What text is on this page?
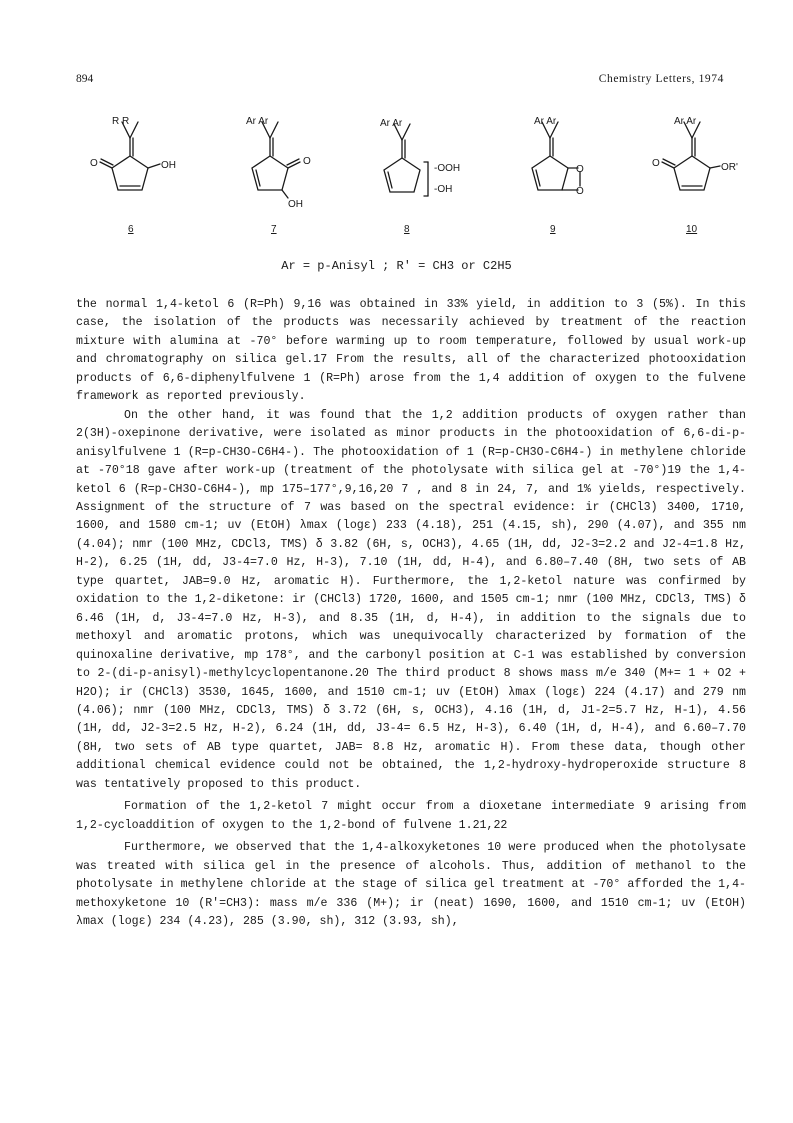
894	Chemistry Letters, 1974
R R
O	OH
6
Ar Ar
O
OH
7
Ar Ar
-OOH
-OH
8
Ar Ar
O
O
9
Ar Ar
O	OR'
10
Ar = p-Anisyl ; R' = CH3 or C2H5

the normal 1,4-ketol 6 (R=Ph) 9,16 was obtained in 33% yield, in addition to 3 (5%). In this case, the isolation of the products was necessarily achieved by treatment of the reaction mixture with alumina at -70° before warming up to room temperature, followed by usual work-up and chromatography on silica gel.17 From the results, all of the characterized photooxidation products of 6,6-diphenylfulvene 1 (R=Ph) arose from the 1,4 addition of oxygen to the fulvene framework as reported previously.

On the other hand, it was found that the 1,2 addition products of oxygen rather than 2(3H)-oxepinone derivative, were isolated as minor products in the photooxidation of 6,6-di-p-anisylfulvene 1 (R=p-CH3O-C6H4-). The photooxidation of 1 (R=p-CH3O-C6H4-) in methylene chloride at -70°18 gave after work-up (treatment of the photolysate with silica gel at -70°)19 the 1,4-ketol 6 (R=p-CH3O-C6H4-), mp 175–177°,9,16,20 7 , and 8 in 24, 7, and 1% yields, respectively. Assignment of the structure of 7 was based on the spectral evidence: ir (CHCl3) 3400, 1710, 1600, and 1580 cm-1; uv (EtOH) λmax (logε) 233 (4.18), 251 (4.15, sh), 290 (4.07), and 355 nm (4.04); nmr (100 MHz, CDCl3, TMS) δ 3.82 (6H, s, OCH3), 4.65 (1H, dd, J2-3=2.2 and J2-4=1.8 Hz, H-2), 6.25 (1H, dd, J3-4=7.0 Hz, H-3), 7.10 (1H, dd, H-4), and 6.80–7.40 (8H, two sets of AB type quartet, JAB=9.0 Hz, aromatic H). Furthermore, the 1,2-ketol nature was confirmed by oxidation to the 1,2-diketone: ir (CHCl3) 1720, 1600, and 1505 cm-1; nmr (100 MHz, CDCl3, TMS) δ 6.46 (1H, d, J3-4=7.0 Hz, H-3), and 8.35 (1H, d, H-4), in addition to the signals due to methoxyl and aromatic protons, which was unequivocally characterized by formation of the quinoxaline derivative, mp 178°, and the carbonyl position at C-1 was established by conversion to 2-(di-p-anisyl)-methylcyclopentanone.20 The third product 8 shows mass m/e 340 (M+= 1 + O2 + H2O); ir (CHCl3) 3530, 1645, 1600, and 1510 cm-1; uv (EtOH) λmax (logε) 224 (4.17) and 279 nm (4.06); nmr (100 MHz, CDCl3, TMS) δ 3.72 (6H, s, OCH3), 4.16 (1H, d, J1-2=5.7 Hz, H-1), 4.56 (1H, dd, J2-3=2.5 Hz, H-2), 6.24 (1H, dd, J3-4= 6.5 Hz, H-3), 6.40 (1H, d, H-4), and 6.60–7.70 (8H, two sets of AB type quartet, JAB= 8.8 Hz, aromatic H). From these data, though other additional chemical evidence could not be obtained, the 1,2-hydroxy-hydroperoxide structure 8 was tentatively proposed to this product.

Formation of the 1,2-ketol 7 might occur from a dioxetane intermediate 9 arising from 1,2-cycloaddition of oxygen to the 1,2-bond of fulvene 1.21,22

Furthermore, we observed that the 1,4-alkoxyketones 10 were produced when the photolysate was treated with silica gel in the presence of alcohols. Thus, addition of methanol to the photolysate in methylene chloride at the stage of silica gel treatment at -70° afforded the 1,4-methoxyketone 10 (R'=CH3): mass m/e 336 (M+); ir (neat) 1690, 1600, and 1510 cm-1; uv (EtOH) λmax (logε) 234 (4.23), 285 (3.90, sh), 312 (3.93, sh),
